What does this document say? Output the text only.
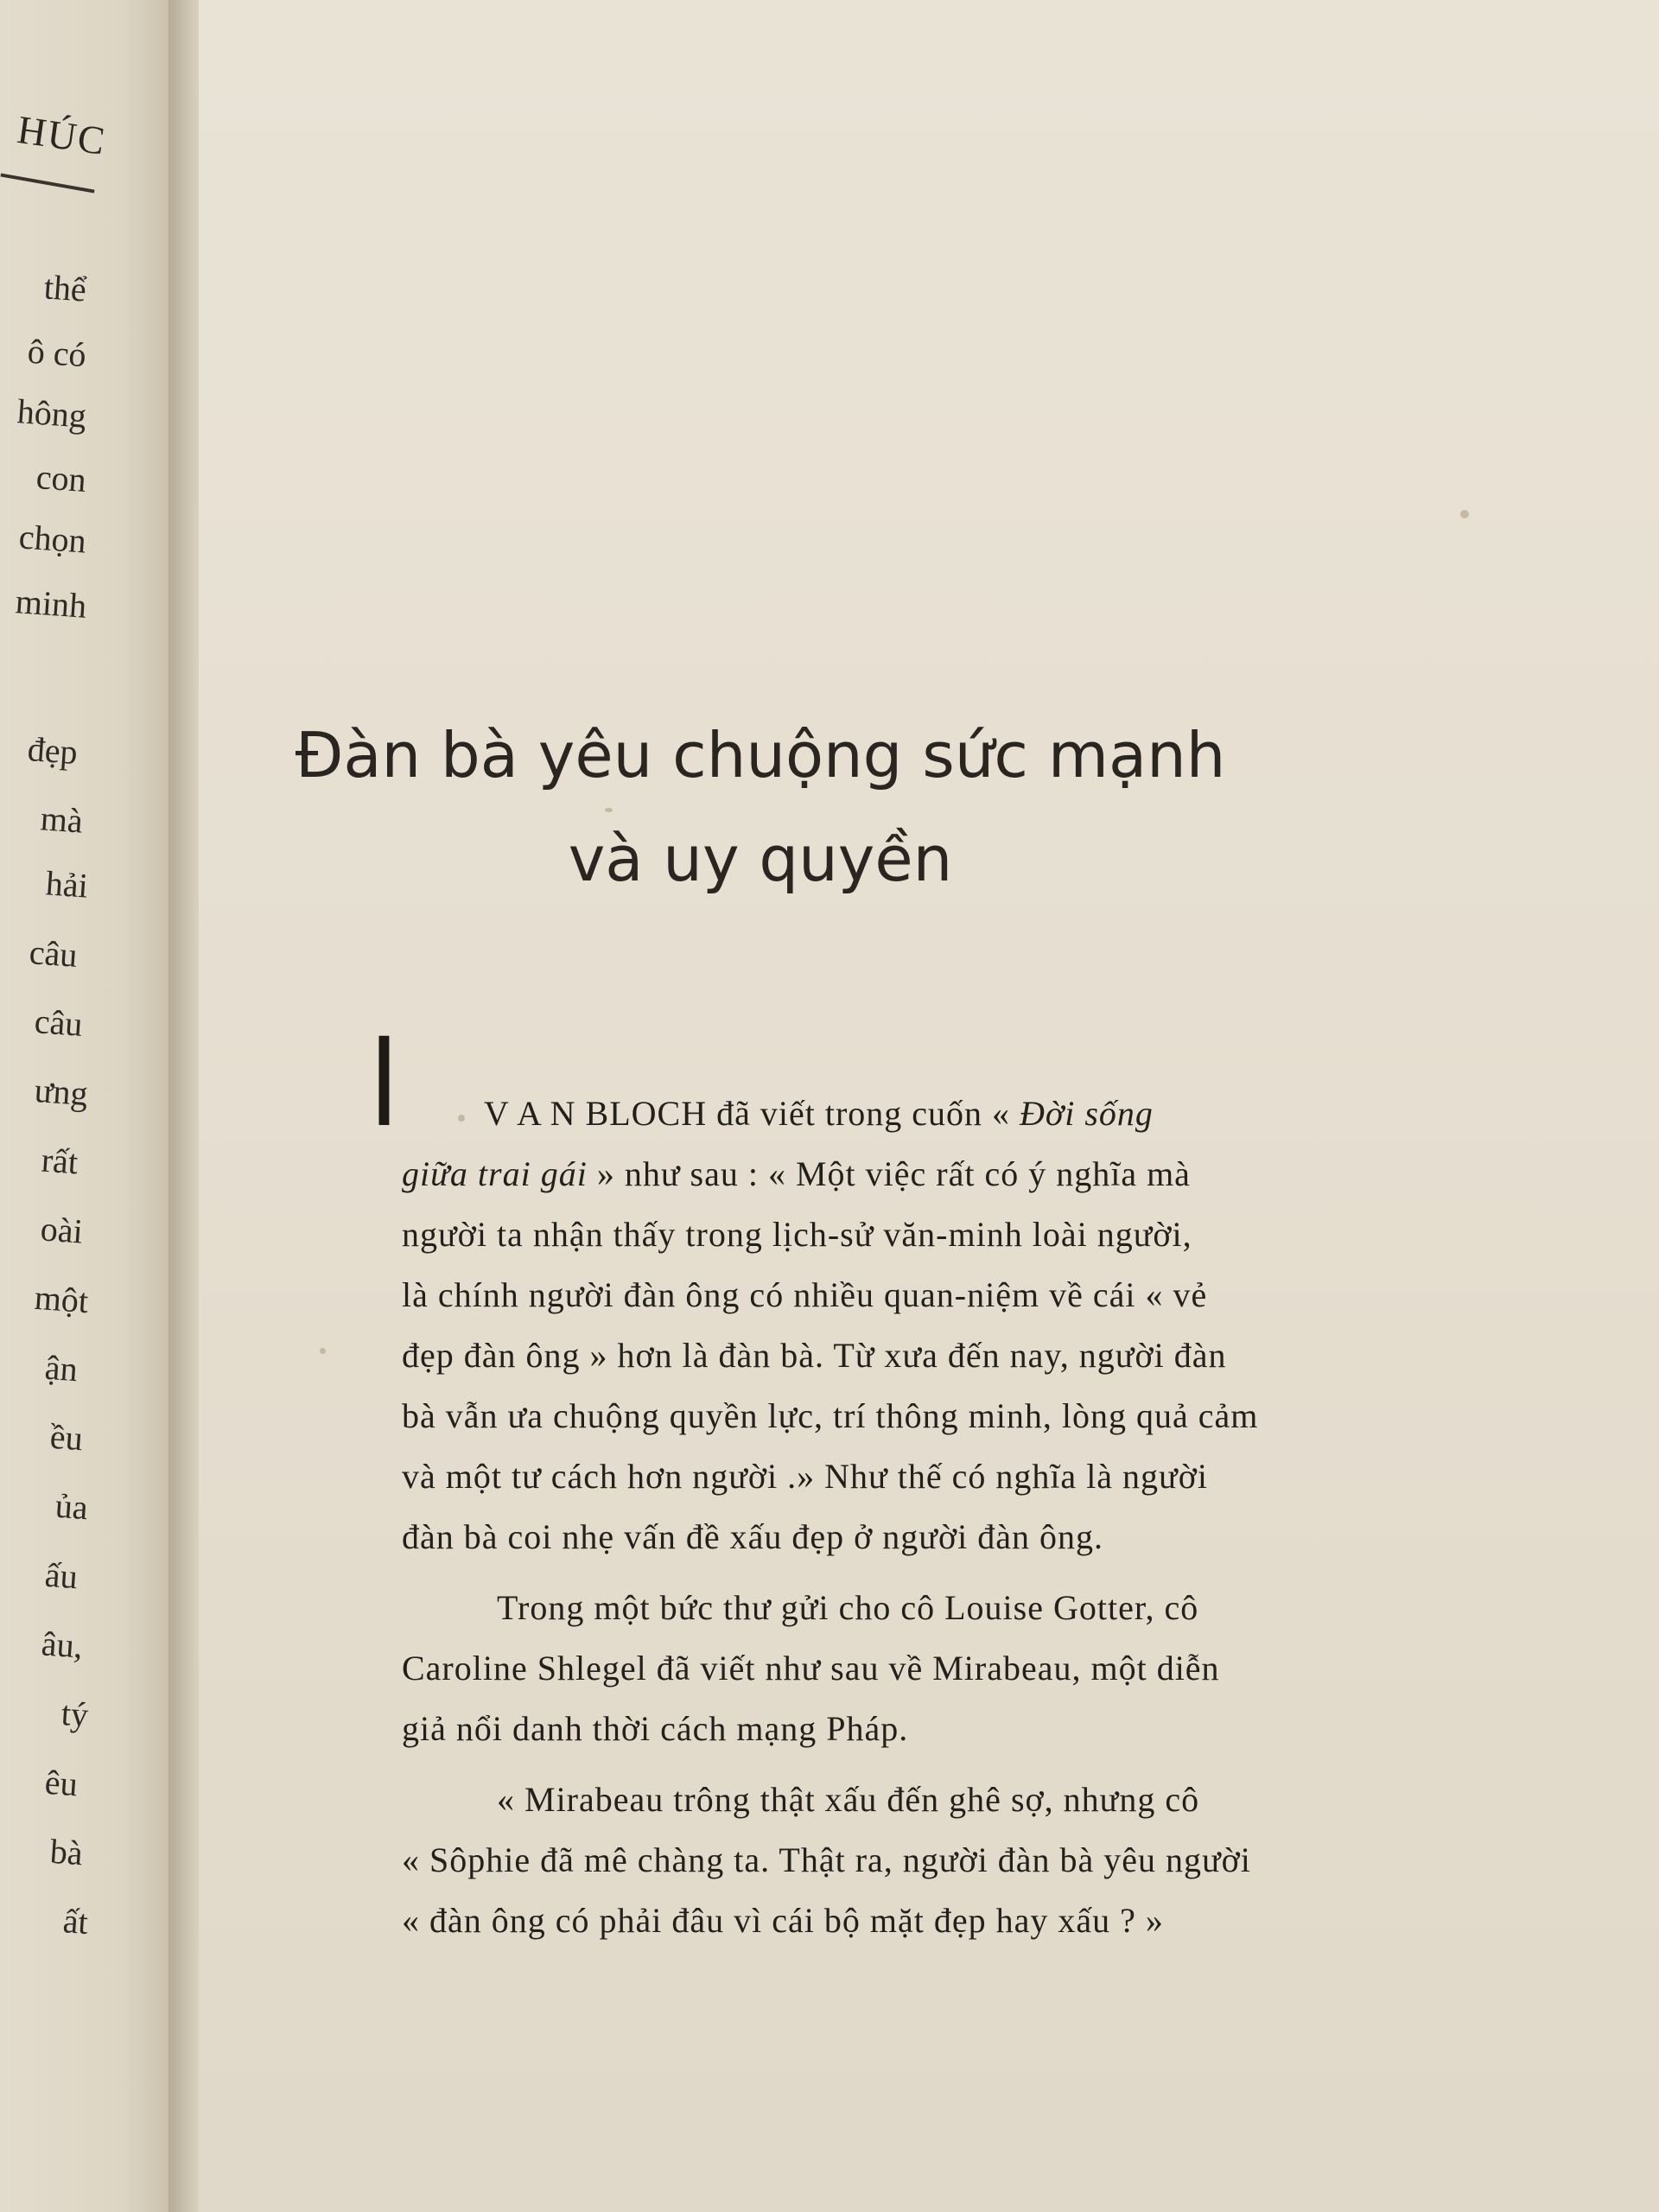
HÚC
thể
ô có
hông
con
chọn
minh
đẹp
mà
hải
câu
câu
ưng
rất
oài
một
ận
ều
ủa
ấu
âu,
tý
êu
bà
ất
Đàn bà yêu chuộng sức mạnh
và uy quyền
I	V A N BLOCH đã viết trong cuốn « Đời sống
giữa trai gái » như sau : « Một việc rất có ý nghĩa mà
người ta nhận thấy trong lịch-sử văn-minh loài người,
là chính người đàn ông có nhiều quan-niệm về cái « vẻ
đẹp đàn ông » hơn là đàn bà. Từ xưa đến nay, người đàn
bà vẫn ưa chuộng quyền lực, trí thông minh, lòng quả cảm
và một tư cách hơn người .» Như thế có nghĩa là người
đàn bà coi nhẹ vấn đề xấu đẹp ở người đàn ông.
Trong một bức thư gửi cho cô Louise Gotter, cô
Caroline Shlegel đã viết như sau về Mirabeau, một diễn
giả nổi danh thời cách mạng Pháp.
« Mirabeau trông thật xấu đến ghê sợ, nhưng cô
« Sôphie đã mê chàng ta. Thật ra, người đàn bà yêu người
« đàn ông có phải đâu vì cái bộ mặt đẹp hay xấu ? »
